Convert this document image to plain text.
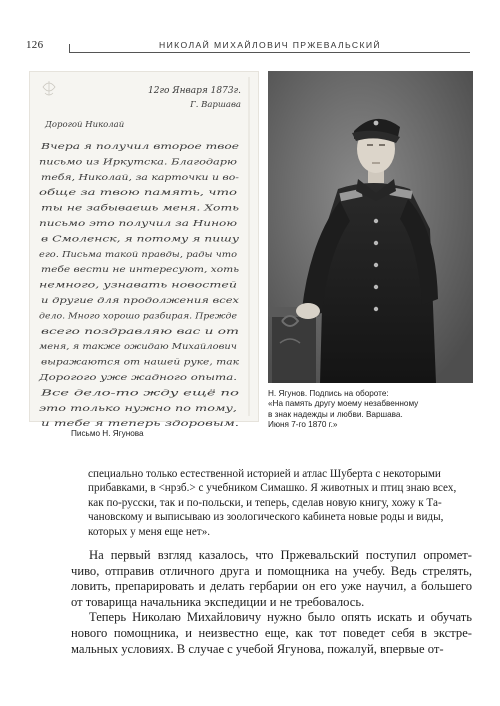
126	НИКОЛАЙ МИХАЙЛОВИЧ ПРЖЕВАЛЬСКИЙ
12го Января 1873г.
Г. Варшава
Дорогой Николай
Вчера я получил второе твое
письмо из Иркутска. Благодарю
тебя, Николай, за карточки и во-
обще за твою память, что
ты не забываешь меня. Хоть
письмо это получил за Ниною
в Смоленск, я потому я пишу
его. Письма такой правды, рады что
тебе вести не интересуют, хоть
немного, узнавать новостей
и другие для продолжения всех
дело. Много хорошо разбирая. Прежде
всего поздравляю вас и от
меня, я также ожидаю Михайлович
выражаются от нашей руке, так
Дорогого уже жадного опыта.
Все дело-то жду ещё по
это только нужно по тому,
и тебе я теперь здоровым.
Н. Ягунов. Подпись на обороте:
«На память другу моему незабвенному
в знак надежды и любви. Варшава.
Июня 7-го 1870 г.»
Письмо Н. Ягунова

специально только естественной историей и атлас Шуберта с некоторыми

прибавками, в <нрзб.> с учебником Симашко. Я животных и птиц знаю всех,

как по-русски, так и по-польски, и теперь, сделав новую книгу, хожу к Та-

чановскому и выписываю из зоологического кабинета новые роды и виды,

которых у меня еще нет».

На первый взгляд казалось, что Пржевальский поступил опромет-чиво, отправив отличного друга и помощника на учебу. Ведь стрелять, ловить, препарировать и делать гербарии он его уже научил, а большего от товарища начальника экспедиции и не требовалось.

Теперь Николаю Михайловичу нужно было опять искать и обучать нового помощника, и неизвестно еще, как тот поведет себя в экстре-мальных условиях. В случае с учебой Ягунова, пожалуй, впервые от-
